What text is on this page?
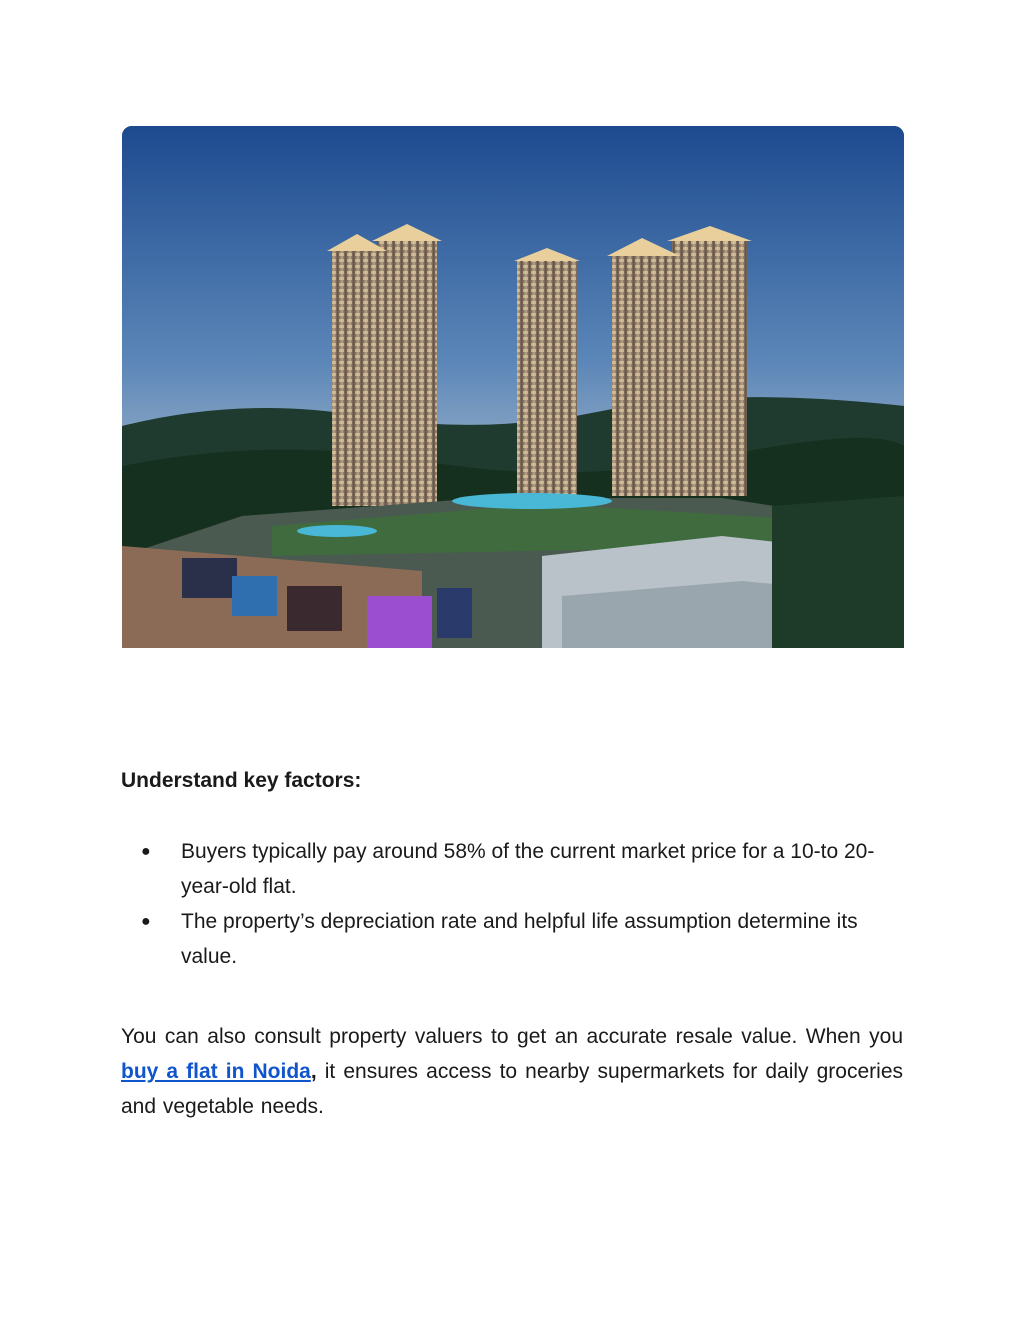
Understand key factors:
● Buyers typically pay around 58% of the current market price for a 10-to 20-year-old flat.
● The property’s depreciation rate and helpful life assumption determine its value.

You can also consult property valuers to get an accurate resale value. When you buy a flat in Noida, it ensures access to nearby supermarkets for daily groceries and vegetable needs.
